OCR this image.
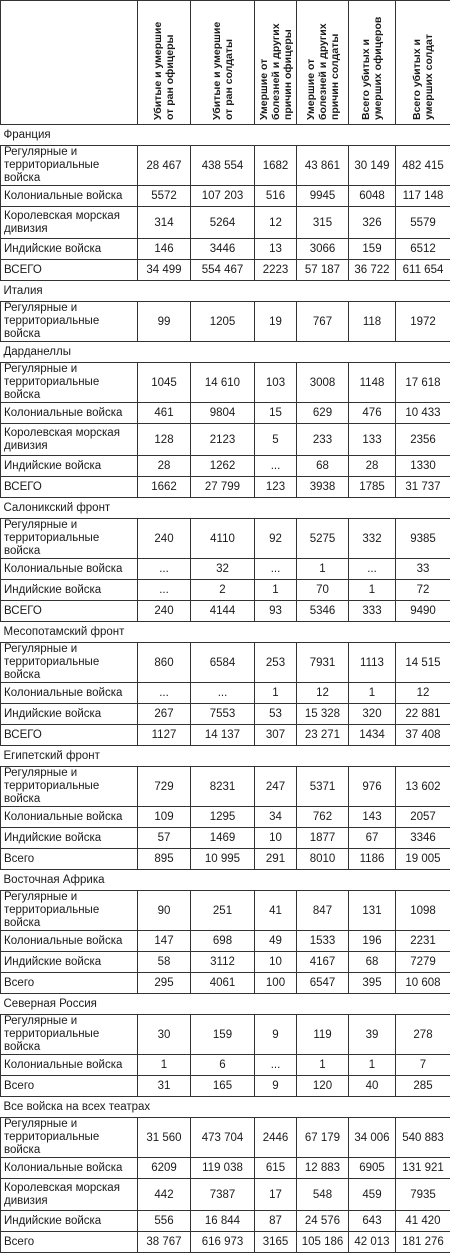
	Убитые и умершие от ран офицеры	Убитые и умершие от ран солдаты	Умершие от болезней и других причин офицеры	Умершие от болезней и других причин солдаты	Всего убитых и умерших офицеров	Всего убитых и умерших солдат

Франция						
Регулярные и территориальные войска	28 467	438 554	1682	43 861	30 149	482 415
Колониальные войска	5572	107 203	516	9945	6048	117 148
Королевская морская дивизия	314	5264	12	315	326	5579
Индийские войска	146	3446	13	3066	159	6512
ВСЕГО	34 499	554 467	2223	57 187	36 722	611 654
Италия						
Регулярные и территориальные войска	99	1205	19	767	118	1972
Дарданеллы						
Регулярные и территориальные войска	1045	14 610	103	3008	1148	17 618
Колониальные войска	461	9804	15	629	476	10 433
Королевская морская дивизия	128	2123	5	233	133	2356
Индийские войска	28	1262	...	68	28	1330
ВСЕГО	1662	27 799	123	3938	1785	31 737
Салоникский фронт						
Регулярные и территориальные войска	240	4110	92	5275	332	9385
Колониальные войска	...	32	...	1	...	33
Индийские войска	...	2	1	70	1	72
ВСЕГО	240	4144	93	5346	333	9490
Месопотамский фронт						
Регулярные и территориальные войска	860	6584	253	7931	1113	14 515
Колониальные войска	...	...	1	12	1	12
Индийские войска	267	7553	53	15 328	320	22 881
ВСЕГО	1127	14 137	307	23 271	1434	37 408
Египетский фронт						
Регулярные и территориальные войска	729	8231	247	5371	976	13 602
Колониальные войска	109	1295	34	762	143	2057
Индийские войска	57	1469	10	1877	67	3346
Всего	895	10 995	291	8010	1186	19 005
Восточная Африка						
Регулярные и территориальные войска	90	251	41	847	131	1098
Колониальные войска	147	698	49	1533	196	2231
Индийские войска	58	3112	10	4167	68	7279
Всего	295	4061	100	6547	395	10 608
Северная Россия						
Регулярные и территориальные войска	30	159	9	119	39	278
Колониальные войска	1	6	...	1	1	7
Всего	31	165	9	120	40	285
Все войска на всех театрах						
Регулярные и территориальные войска	31 560	473 704	2446	67 179	34 006	540 883
Колониальные войска	6209	119 038	615	12 883	6905	131 921
Королевская морская дивизия	442	7387	17	548	459	7935
Индийские войска	556	16 844	87	24 576	643	41 420
Всего	38 767	616 973	3165	105 186	42 013	181 276
